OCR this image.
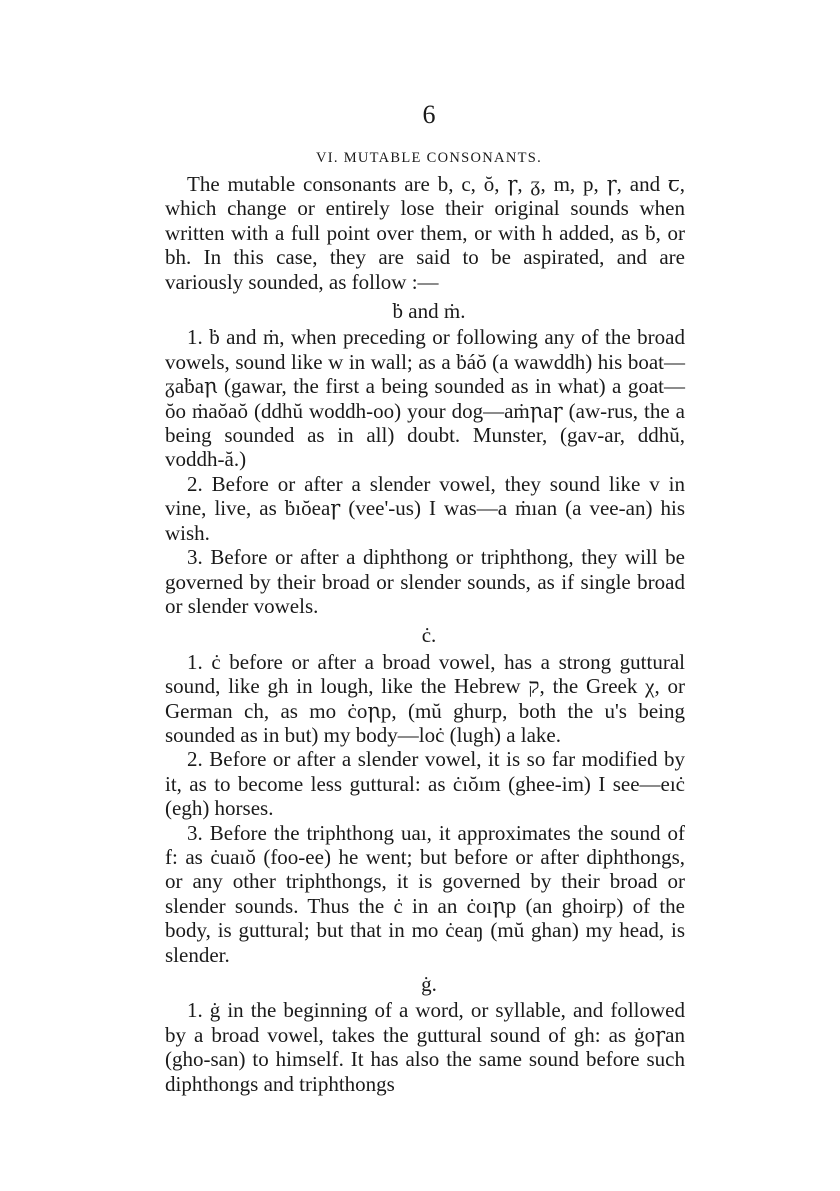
6
VI. MUTABLE CONSONANTS.

The mutable consonants are b, c, ŏ, ꞅ, ᵹ, m, p, ꞅ, and ꞇ, which change or entirely lose their original sounds when written with a full point over them, or with h added, as ḃ, or bh. In this case, they are said to be aspirated, and are variously sounded, as follow :—

ḃ and ṁ.

1. ḃ and ṁ, when preceding or following any of the broad vowels, sound like w in wall; as a ḃáŏ (a wawddh) his boat—ᵹaḃaꞃ (gawar, the first a being sounded as in what) a goat—ŏo ṁaŏaŏ (ddhŭ woddh-oo) your dog—aṁꞃaꞅ (aw-rus, the a being sounded as in all) doubt. Munster, (gav-ar, ddhŭ, voddh-ă.)

2. Before or after a slender vowel, they sound like v in vine, live, as ḃıŏeaꞅ (vee'-us) I was—a ṁıan (a vee-an) his wish.

3. Before or after a diphthong or triphthong, they will be governed by their broad or slender sounds, as if single broad or slender vowels.

ċ.

1. ċ before or after a broad vowel, has a strong guttural sound, like gh in lough, like the Hebrew ק, the Greek χ, or German ch, as mo ċoꞃp, (mŭ ghurp, both the u's being sounded as in but) my body—loċ (lugh) a lake.

2. Before or after a slender vowel, it is so far modified by it, as to become less guttural: as ċıŏım (ghee-im) I see—eıċ (egh) horses.

3. Before the triphthong uaı, it approximates the sound of f: as ċuaıŏ (foo-ee) he went; but before or after diphthongs, or any other triphthongs, it is governed by their broad or slender sounds. Thus the ċ in an ċoıꞃp (an ghoirp) of the body, is guttural; but that in mo ċeaŋ (mŭ ghan) my head, is slender.

ġ.

1. ġ in the beginning of a word, or syllable, and followed by a broad vowel, takes the guttural sound of gh: as ġoꞅan (gho-san) to himself. It has also the same sound before such diphthongs and triphthongs
